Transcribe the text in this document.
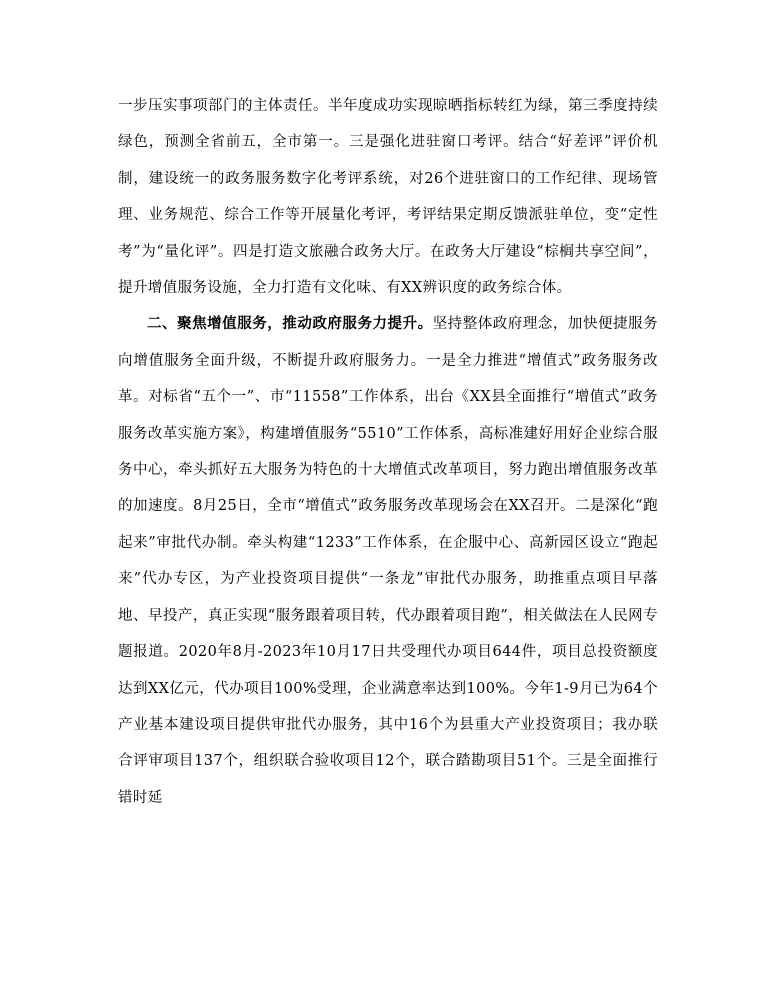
一步压实事项部门的主体责任。半年度成功实现晾晒指标转红为绿，第三季度持续绿色，预测全省前五，全市第一。三是强化进驻窗口考评。结合“好差评”评价机制，建设统一的政务服务数字化考评系统，对26个进驻窗口的工作纪律、现场管理、业务规范、综合工作等开展量化考评，考评结果定期反馈派驻单位，变“定性考”为“量化评”。四是打造文旅融合政务大厅。在政务大厅建设“棕榈共享空间”，提升增值服务设施，全力打造有文化味、有XX辨识度的政务综合体。

二、聚焦增值服务，推动政府服务力提升。坚持整体政府理念，加快便捷服务向增值服务全面升级，不断提升政府服务力。一是全力推进“增值式”政务服务改革。对标省“五个一”、市“11558”工作体系，出台《XX县全面推行“增值式”政务服务改革实施方案》，构建增值服务“5510”工作体系，高标准建好用好企业综合服务中心，牵头抓好五大服务为特色的十大增值式改革项目，努力跑出增值服务改革的加速度。8月25日，全市“增值式”政务服务改革现场会在XX召开。二是深化“跑起来”审批代办制。牵头构建“1233”工作体系，在企服中心、高新园区设立“跑起来”代办专区，为产业投资项目提供“一条龙”审批代办服务，助推重点项目早落地、早投产，真正实现“服务跟着项目转，代办跟着项目跑”，相关做法在人民网专题报道。2020年8月-2023年10月17日共受理代办项目644件，项目总投资额度达到XX亿元，代办项目100%受理，企业满意率达到100%。今年1-9月已为64个产业基本建设项目提供审批代办服务，其中16个为县重大产业投资项目；我办联合评审项目137个，组织联合验收项目12个，联合踏勘项目51个。三是全面推行错时延
